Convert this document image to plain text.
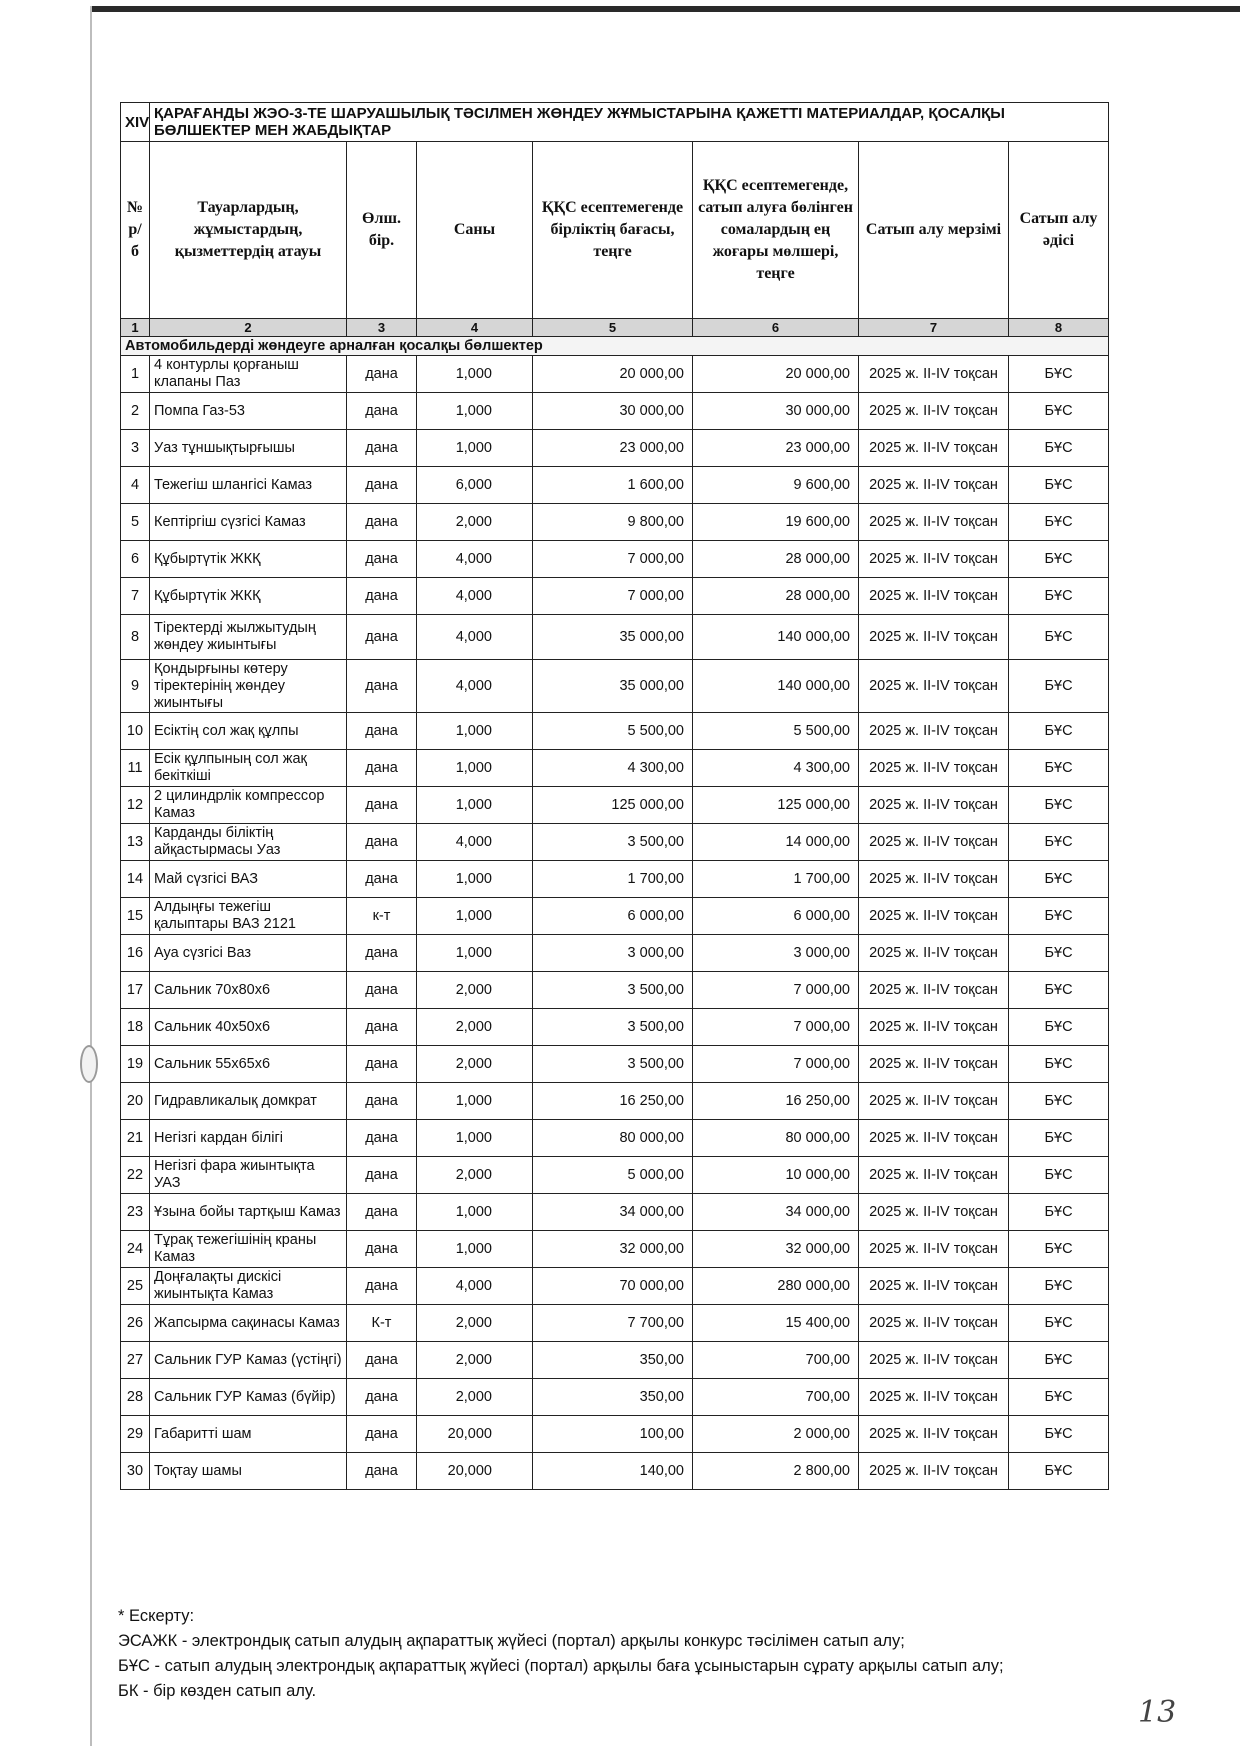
XIV	ҚАРАҒАНДЫ ЖЭО-3-ТЕ ШАРУАШЫЛЫҚ ТӘСІЛМЕН ЖӨНДЕУ ЖҰМЫСТАРЫНА ҚАЖЕТТІ МАТЕРИАЛДАР, ҚОСАЛҚЫ БӨЛШЕКТЕР МЕН ЖАБДЫҚТАР						
№ р/б	Тауарлардың, жұмыстардың, қызметтердің атауы	Өлш. бір.	Саны	ҚҚС есептемегенде бірліктің бағасы, теңге	ҚҚС есептемегенде, сатып алуға бөлінген сомалардың ең жоғары мөлшері, теңге	Сатып алу мерзімі	Сатып алу әдісі
1	2	3	4	5	6	7	8
Автомобильдерді жөндеуге арналған қосалқы бөлшектер							
1	4 контурлы қорғаныш клапаны Паз	дана	1,000	20 000,00	20 000,00	2025 ж. II-IV тоқсан	БҰС
2	Помпа Газ-53	дана	1,000	30 000,00	30 000,00	2025 ж. II-IV тоқсан	БҰС
3	Уаз тұншықтырғышы	дана	1,000	23 000,00	23 000,00	2025 ж. II-IV тоқсан	БҰС
4	Тежегіш шлангісі Камаз	дана	6,000	1 600,00	9 600,00	2025 ж. II-IV тоқсан	БҰС
5	Кептіргіш сүзгісі Камаз	дана	2,000	9 800,00	19 600,00	2025 ж. II-IV тоқсан	БҰС
6	Құбыртүтік ЖКҚ	дана	4,000	7 000,00	28 000,00	2025 ж. II-IV тоқсан	БҰС
7	Құбыртүтік ЖКҚ	дана	4,000	7 000,00	28 000,00	2025 ж. II-IV тоқсан	БҰС
8	Тіректерді жылжытудың жөндеу жиынтығы	дана	4,000	35 000,00	140 000,00	2025 ж. II-IV тоқсан	БҰС
9	Қондырғыны көтеру тіректерінің жөндеу жиынтығы	дана	4,000	35 000,00	140 000,00	2025 ж. II-IV тоқсан	БҰС
10	Есіктің сол жақ құлпы	дана	1,000	5 500,00	5 500,00	2025 ж. II-IV тоқсан	БҰС
11	Есік құлпының сол жақ бекіткіші	дана	1,000	4 300,00	4 300,00	2025 ж. II-IV тоқсан	БҰС
12	2 цилиндрлік компрессор Камаз	дана	1,000	125 000,00	125 000,00	2025 ж. II-IV тоқсан	БҰС
13	Карданды біліктің айқастырмасы Уаз	дана	4,000	3 500,00	14 000,00	2025 ж. II-IV тоқсан	БҰС
14	Май сүзгісі ВАЗ	дана	1,000	1 700,00	1 700,00	2025 ж. II-IV тоқсан	БҰС
15	Алдыңғы тежегіш қалыптары ВАЗ 2121	к-т	1,000	6 000,00	6 000,00	2025 ж. II-IV тоқсан	БҰС
16	Ауа сүзгісі Ваз	дана	1,000	3 000,00	3 000,00	2025 ж. II-IV тоқсан	БҰС
17	Сальник 70х80х6	дана	2,000	3 500,00	7 000,00	2025 ж. II-IV тоқсан	БҰС
18	Сальник 40х50х6	дана	2,000	3 500,00	7 000,00	2025 ж. II-IV тоқсан	БҰС
19	Сальник 55х65х6	дана	2,000	3 500,00	7 000,00	2025 ж. II-IV тоқсан	БҰС
20	Гидравликалық домкрат	дана	1,000	16 250,00	16 250,00	2025 ж. II-IV тоқсан	БҰС
21	Негізгі кардан білігі	дана	1,000	80 000,00	80 000,00	2025 ж. II-IV тоқсан	БҰС
22	Негізгі фара жиынтықта УАЗ	дана	2,000	5 000,00	10 000,00	2025 ж. II-IV тоқсан	БҰС
23	Ұзына бойы тартқыш Камаз	дана	1,000	34 000,00	34 000,00	2025 ж. II-IV тоқсан	БҰС
24	Тұрақ тежегішінің краны Камаз	дана	1,000	32 000,00	32 000,00	2025 ж. II-IV тоқсан	БҰС
25	Доңғалақты дискісі жиынтықта Камаз	дана	4,000	70 000,00	280 000,00	2025 ж. II-IV тоқсан	БҰС
26	Жапсырма сақинасы Камаз	К-т	2,000	7 700,00	15 400,00	2025 ж. II-IV тоқсан	БҰС
27	Сальник ГУР Камаз (үстіңгі)	дана	2,000	350,00	700,00	2025 ж. II-IV тоқсан	БҰС
28	Сальник ГУР Камаз (бүйір)	дана	2,000	350,00	700,00	2025 ж. II-IV тоқсан	БҰС
29	Габаритті шам	дана	20,000	100,00	2 000,00	2025 ж. II-IV тоқсан	БҰС
30	Тоқтау шамы	дана	20,000	140,00	2 800,00	2025 ж. II-IV тоқсан	БҰС
* Ескерту:
ЭСАЖК - электрондық сатып алудың ақпараттық жүйесі (портал) арқылы конкурс тәсілімен сатып алу;
БҰС - сатып алудың электрондық ақпараттық жүйесі (портал) арқылы баға ұсыныстарын сұрату арқылы сатып алу;
БК - бір көзден сатып алу.
13
